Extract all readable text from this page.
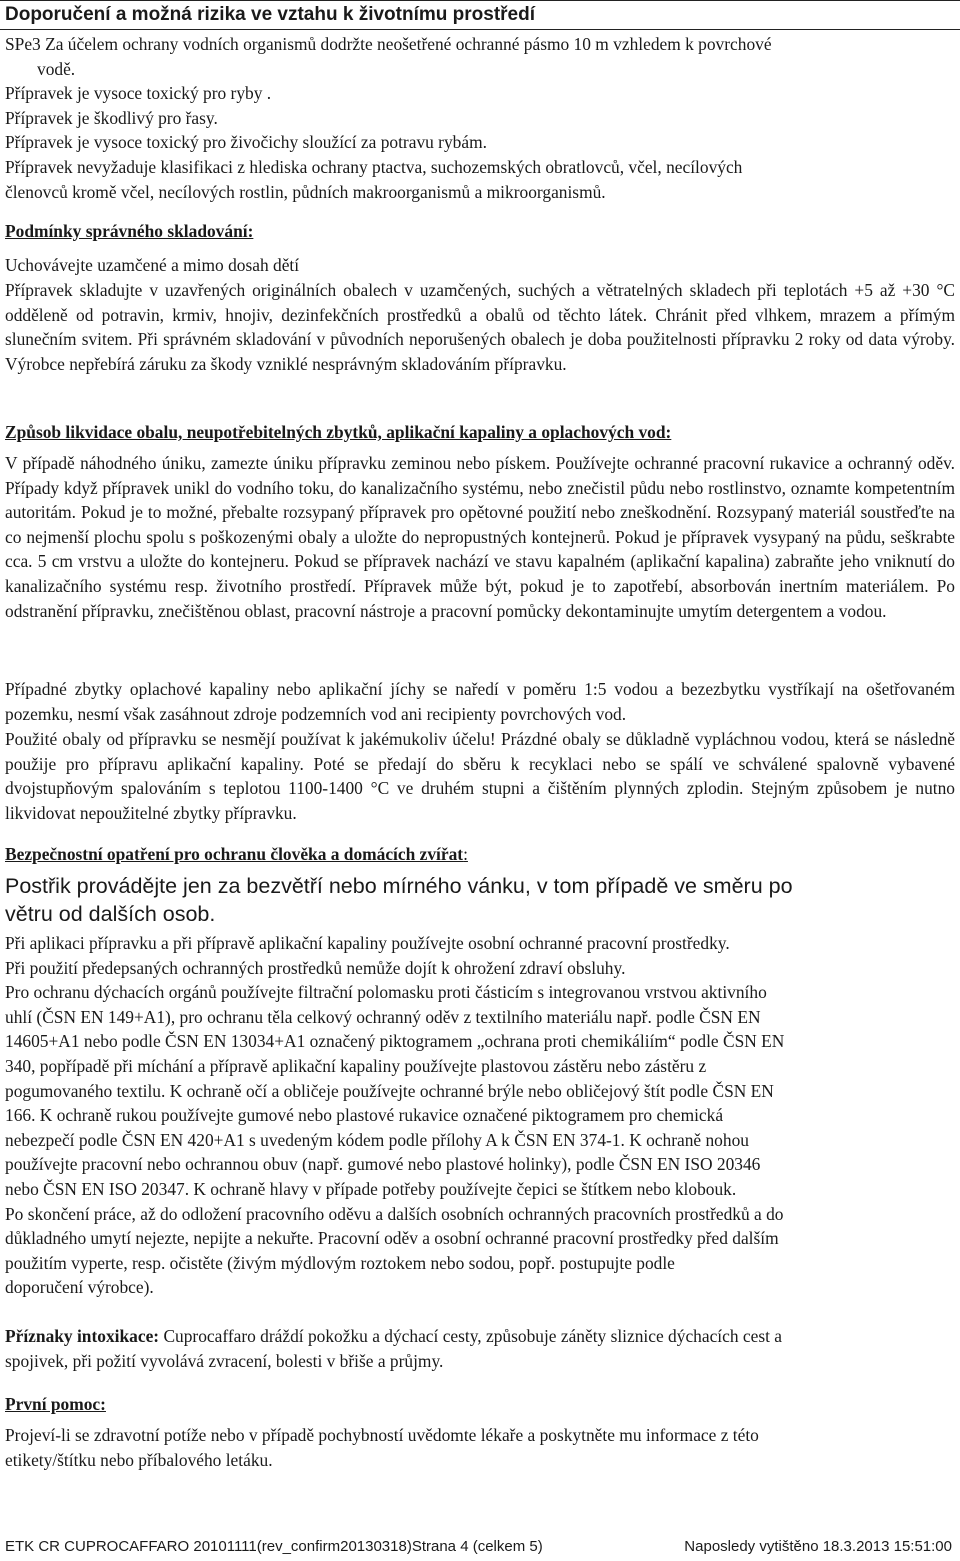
Doporučení a možná rizika ve vztahu k životnímu prostředí
SPe3 Za účelem ochrany vodních organismů dodržte neošetřené ochranné pásmo 10 m vzhledem k povrchové
vodě.
Přípravek je vysoce toxický pro ryby .
Přípravek je škodlivý pro řasy.
Přípravek je vysoce toxický pro živočichy sloužící za potravu rybám.
Přípravek nevyžaduje klasifikaci z hlediska ochrany ptactva, suchozemských obratlovců, včel, necílových
členovců kromě včel, necílových rostlin, půdních makroorganismů a mikroorganismů.
Podmínky správného skladování:
Uchovávejte uzamčené a mimo dosah dětí
Přípravek skladujte v uzavřených originálních obalech v uzamčených, suchých a větratelných skladech při teplotách +5 až +30 °C odděleně od potravin, krmiv, hnojiv, dezinfekčních prostředků a obalů od těchto látek. Chránit před vlhkem, mrazem a přímým slunečním svitem. Při správném skladování v původních neporušených obalech je doba použitelnosti přípravku 2 roky od data výroby. Výrobce nepřebírá záruku za škody vzniklé nesprávným skladováním přípravku.
Způsob likvidace obalu, neupotřebitelných zbytků, aplikační kapaliny a oplachových vod:
V případě náhodného úniku, zamezte úniku přípravku zeminou nebo pískem. Používejte ochranné pracovní rukavice a ochranný oděv. Případy když přípravek unikl do vodního toku, do kanalizačního systému, nebo znečistil půdu nebo rostlinstvo, oznamte kompetentním autoritám. Pokud je to možné, přebalte rozsypaný přípravek pro opětovné použití nebo zneškodnění. Rozsypaný materiál soustřeďte na co nejmenší plochu spolu s poškozenými obaly a uložte do nepropustných kontejnerů. Pokud je přípravek vysypaný na půdu, seškrabte cca. 5 cm vrstvu a uložte do kontejneru. Pokud se přípravek nachází ve stavu kapalném (aplikační kapalina) zabraňte jeho vniknutí do kanalizačního systému resp. životního prostředí. Přípravek může být, pokud je to zapotřebí, absorbován inertním materiálem. Po odstranění přípravku, znečištěnou oblast, pracovní nástroje a pracovní pomůcky dekontaminujte umytím detergentem a vodou.
Případné zbytky oplachové kapaliny nebo aplikační jíchy se naředí v poměru 1:5 vodou a bezezbytku vystříkají na ošetřovaném pozemku, nesmí však zasáhnout zdroje podzemních vod ani recipienty povrchových vod.
Použité obaly od přípravku se nesmějí používat k jakémukoliv účelu! Prázdné obaly se důkladně vypláchnou vodou, která se následně použije pro přípravu aplikační kapaliny. Poté se předají do sběru k recyklaci nebo se spálí ve schválené spalovně vybavené dvojstupňovým spalováním s teplotou 1100-1400 °C ve druhém stupni a čištěním plynných zplodin. Stejným způsobem je nutno likvidovat nepoužitelné zbytky přípravku.
Bezpečnostní opatření pro ochranu člověka a domácích zvířat:
Postřik provádějte jen za bezvětří nebo mírného vánku, v tom případě ve směru po
větru od dalších osob.
Při aplikaci přípravku a při přípravě aplikační kapaliny používejte osobní ochranné pracovní prostředky.
Při použití předepsaných ochranných prostředků nemůže dojít k ohrožení zdraví obsluhy.
Pro ochranu dýchacích orgánů používejte filtrační polomasku proti částicím s integrovanou vrstvou aktivního
uhlí (ČSN EN 149+A1), pro ochranu těla celkový ochranný oděv z textilního materiálu např. podle ČSN EN
14605+A1 nebo podle ČSN EN 13034+A1 označený piktogramem „ochrana proti chemikáliím“ podle ČSN EN
340, popřípadě při míchání a přípravě aplikační kapaliny používejte plastovou zástěru nebo zástěru z
pogumovaného textilu. K ochraně očí a obličeje používejte ochranné brýle nebo obličejový štít podle ČSN EN
166. K ochraně rukou používejte gumové nebo plastové rukavice označené piktogramem pro chemická
nebezpečí podle ČSN EN 420+A1 s uvedeným kódem podle přílohy A k ČSN EN 374-1. K ochraně nohou
používejte pracovní nebo ochrannou obuv (např. gumové nebo plastové holinky), podle ČSN EN ISO 20346
nebo ČSN EN ISO 20347. K ochraně hlavy v případe potřeby používejte čepici se štítkem nebo klobouk.
Po skončení práce, až do odložení pracovního oděvu a dalších osobních ochranných pracovních prostředků a do
důkladného umytí nejezte, nepijte a nekuřte. Pracovní oděv a osobní ochranné pracovní prostředky před dalším
použitím vyperte, resp. očistěte (živým mýdlovým roztokem nebo sodou, popř. postupujte podle
doporučení výrobce).
Příznaky intoxikace: Cuprocaffaro dráždí pokožku a dýchací cesty, způsobuje záněty sliznice dýchacích cest a
spojivek, při požití vyvolává zvracení, bolesti v břiše a průjmy.
První pomoc:
Projeví-li se zdravotní potíže nebo v případě pochybností uvědomte lékaře a poskytněte mu informace z této
etikety/štítku nebo příbalového letáku.
ETK CR CUPROCAFFARO 20101111(rev_confirm20130318)Strana 4 (celkem 5)	Naposledy vytištěno 18.3.2013 15:51:00
